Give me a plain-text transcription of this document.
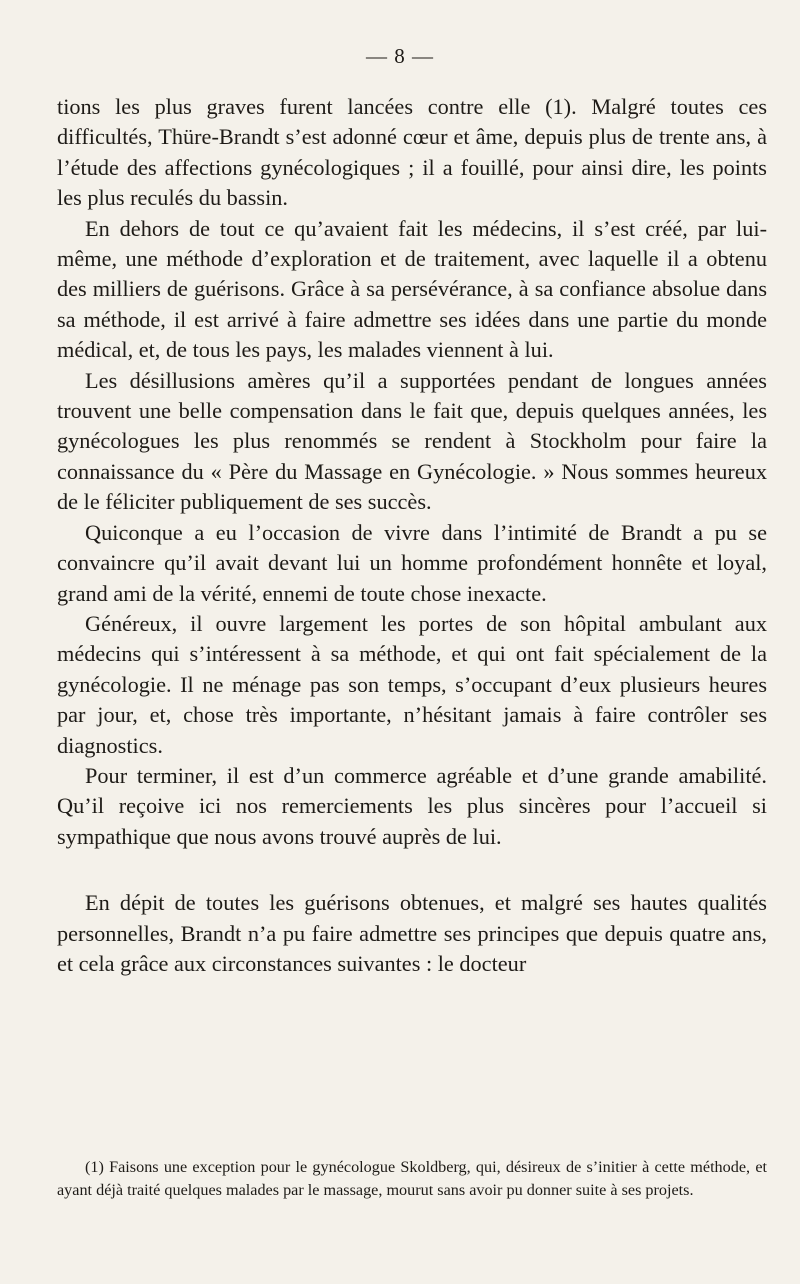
— 8 —

tions les plus graves furent lancées contre elle (1). Malgré toutes ces difficultés, Thüre-Brandt s’est adonné cœur et âme, depuis plus de trente ans, à l’étude des affections gynécologiques ; il a fouillé, pour ainsi dire, les points les plus reculés du bassin.

En dehors de tout ce qu’avaient fait les médecins, il s’est créé, par lui-même, une méthode d’exploration et de traitement, avec laquelle il a obtenu des milliers de guérisons. Grâce à sa persévérance, à sa confiance absolue dans sa méthode, il est arrivé à faire admettre ses idées dans une partie du monde médical, et, de tous les pays, les malades viennent à lui.

Les désillusions amères qu’il a supportées pendant de longues années trouvent une belle compensation dans le fait que, depuis quelques années, les gynécologues les plus renommés se rendent à Stockholm pour faire la connaissance du « Père du Massage en Gynécologie. » Nous sommes heureux de le féliciter publiquement de ses succès.

Quiconque a eu l’occasion de vivre dans l’intimité de Brandt a pu se convaincre qu’il avait devant lui un homme profondément honnête et loyal, grand ami de la vérité, ennemi de toute chose inexacte.

Généreux, il ouvre largement les portes de son hôpital ambulant aux médecins qui s’intéressent à sa méthode, et qui ont fait spécialement de la gynécologie. Il ne ménage pas son temps, s’occupant d’eux plusieurs heures par jour, et, chose très importante, n’hésitant jamais à faire contrôler ses diagnostics.

Pour terminer, il est d’un commerce agréable et d’une grande amabilité. Qu’il reçoive ici nos remerciements les plus sincères pour l’accueil si sympathique que nous avons trouvé auprès de lui.

En dépit de toutes les guérisons obtenues, et malgré ses hautes qualités personnelles, Brandt n’a pu faire admettre ses principes que depuis quatre ans, et cela grâce aux circonstances suivantes : le docteur

(1) Faisons une exception pour le gynécologue Skoldberg, qui, désireux de s’initier à cette méthode, et ayant déjà traité quelques malades par le massage, mourut sans avoir pu donner suite à ses projets.
